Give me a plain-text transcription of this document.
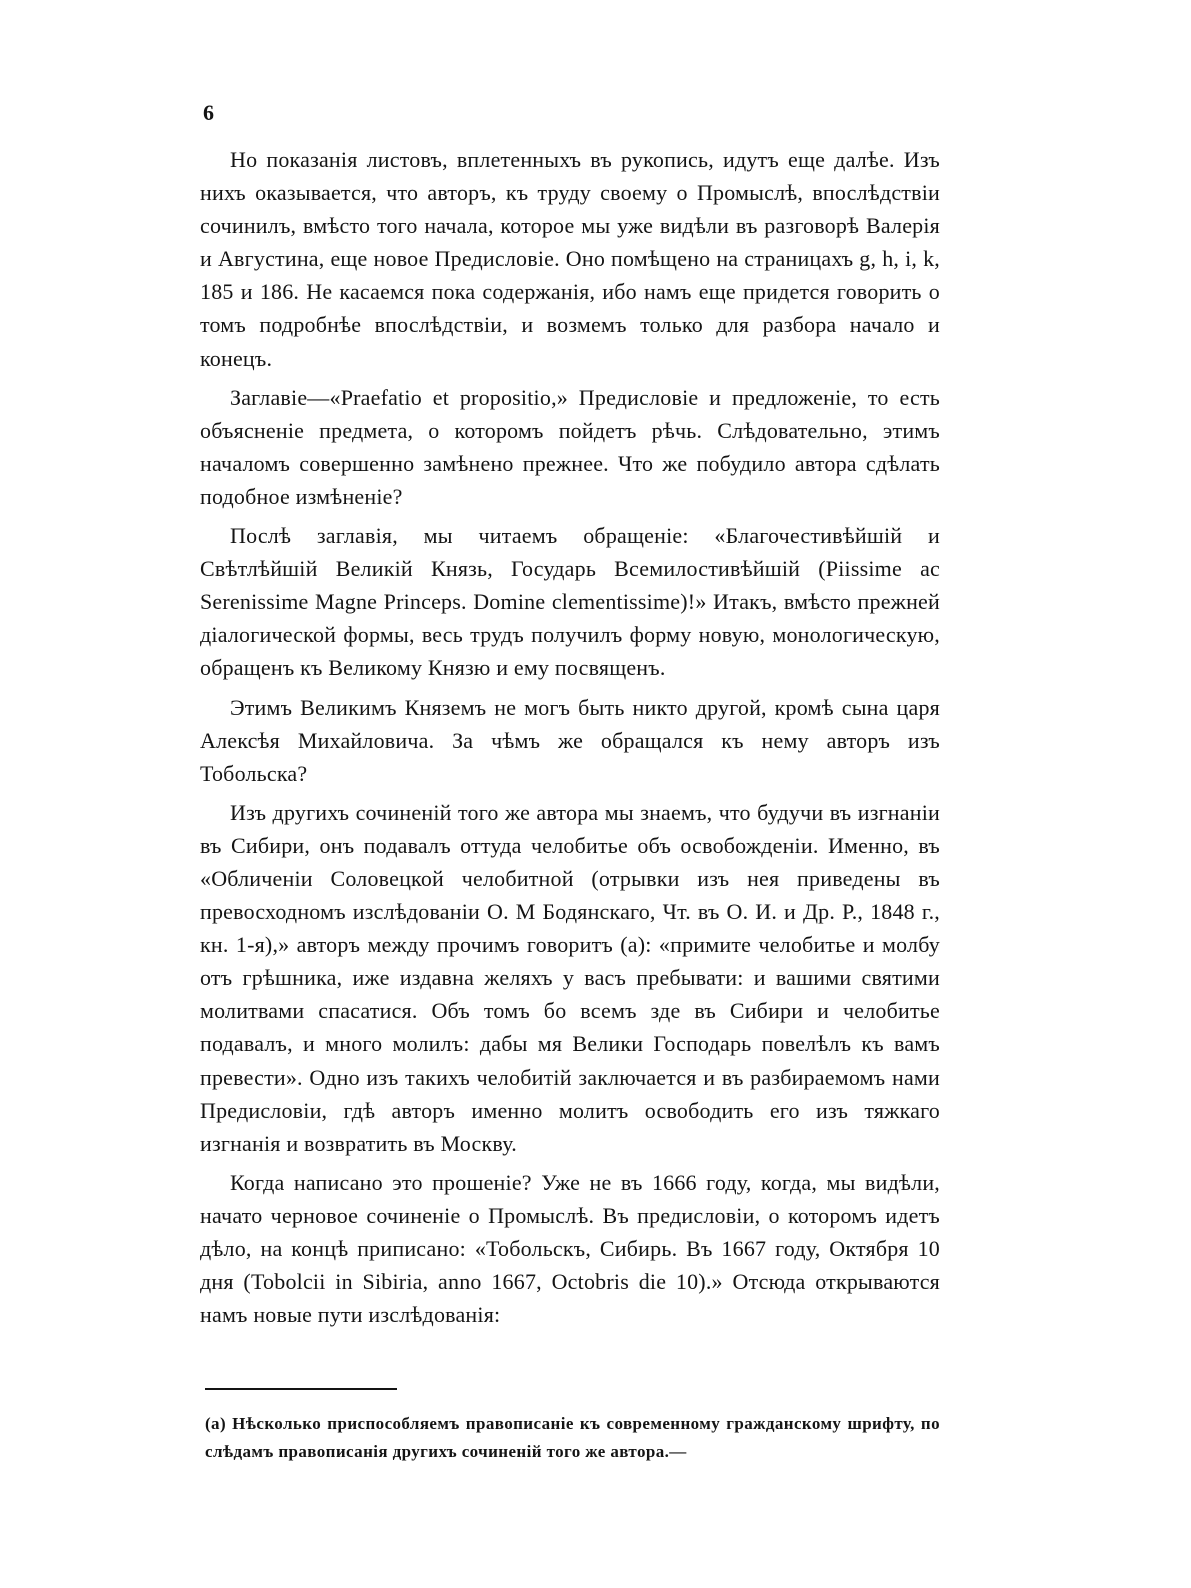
6

Но показанія листовъ, вплетенныхъ въ рукопись, идутъ еще далѣе. Изъ нихъ оказывается, что авторъ, къ труду своему о Промыслѣ, впослѣдствіи сочинилъ, вмѣсто того начала, которое мы уже видѣли въ разговорѣ Валерія и Августина, еще новое Предисловіе. Оно помѣщено на страницахъ g, h, i, k, 185 и 186. Не касаемся пока содержанія, ибо намъ еще придется говорить о томъ подробнѣе впослѣдствіи, и возмемъ только для разбора начало и конецъ.

Заглавіе—«Praefatio et propositio,» Предисловіе и предложеніе, то есть объясненіе предмета, о которомъ пойдетъ рѣчь. Слѣдовательно, этимъ началомъ совершенно замѣнено прежнее. Что же побудило автора сдѣлать подобное измѣненіе?

Послѣ заглавія, мы читаемъ обращеніе: «Благочестивѣйшій и Свѣтлѣйшій Великій Князь, Государь Всемилостивѣйшій (Piissime ac Serenissime Magne Princeps. Domine clementissime)!» Итакъ, вмѣсто прежней діалогической формы, весь трудъ получилъ форму новую, монологическую, обращенъ къ Великому Князю и ему посвященъ.

Этимъ Великимъ Княземъ не могъ быть никто другой, кромѣ сына царя Алексѣя Михайловича. За чѣмъ же обращался къ нему авторъ изъ Тобольска?

Изъ другихъ сочиненій того же автора мы знаемъ, что будучи въ изгнаніи въ Сибири, онъ подавалъ оттуда челобитье объ освобожденіи. Именно, въ «Обличеніи Соловецкой челобитной (отрывки изъ нея приведены въ превосходномъ изслѣдованіи О. М Бодянскаго, Чт. въ О. И. и Др. Р., 1848 г., кн. 1-я),» авторъ между прочимъ говоритъ (а): «примите челобитье и молбу отъ грѣшника, иже издавна желяхъ у васъ пребывати: и вашими святими молитвами спасатися. Объ томъ бо всемъ зде въ Сибири и челобитье подавалъ, и много молилъ: дабы мя Велики Господарь повелѣлъ къ вамъ превести». Одно изъ такихъ челобитій заключается и въ разбираемомъ нами Предисловіи, гдѣ авторъ именно молитъ освободить его изъ тяжкаго изгнанія и возвратить въ Москву.

Когда написано это прошеніе? Уже не въ 1666 году, когда, мы видѣли, начато черновое сочиненіе о Промыслѣ. Въ предисловіи, о которомъ идетъ дѣло, на концѣ приписано: «Тобольскъ, Сибирь. Въ 1667 году, Октября 10 дня (Tobolcii in Sibiria, anno 1667, Octobris die 10).» Отсюда открываются намъ новые пути изслѣдованія:

(а) Нѣсколько приспособляемъ правописаніе къ современному гражданскому шрифту, по слѣдамъ правописанія другихъ сочиненій того же автора.—
